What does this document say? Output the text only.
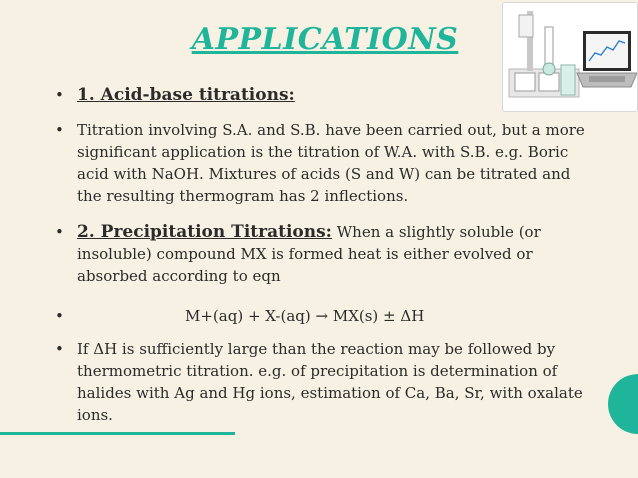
APPLICATIONS
• 1. Acid-base titrations:
• Titration involving S.A. and S.B. have been carried out, but a more significant application is the titration of W.A. with S.B. e.g. Boric acid with NaOH. Mixtures of acids (S and W) can be titrated and the resulting thermogram has 2 inflections.
• 2. Precipitation Titrations: When a slightly soluble (or insoluble) compound MX is formed heat is either evolved or absorbed according to eqn
•	M+(aq) + X-(aq) → MX(s) ± ΔH
• If ΔH is sufficiently large than the reaction may be followed by thermometric titration. e.g. of precipitation is determination of halides with Ag and Hg ions, estimation of Ca, Ba, Sr, with oxalate ions.
